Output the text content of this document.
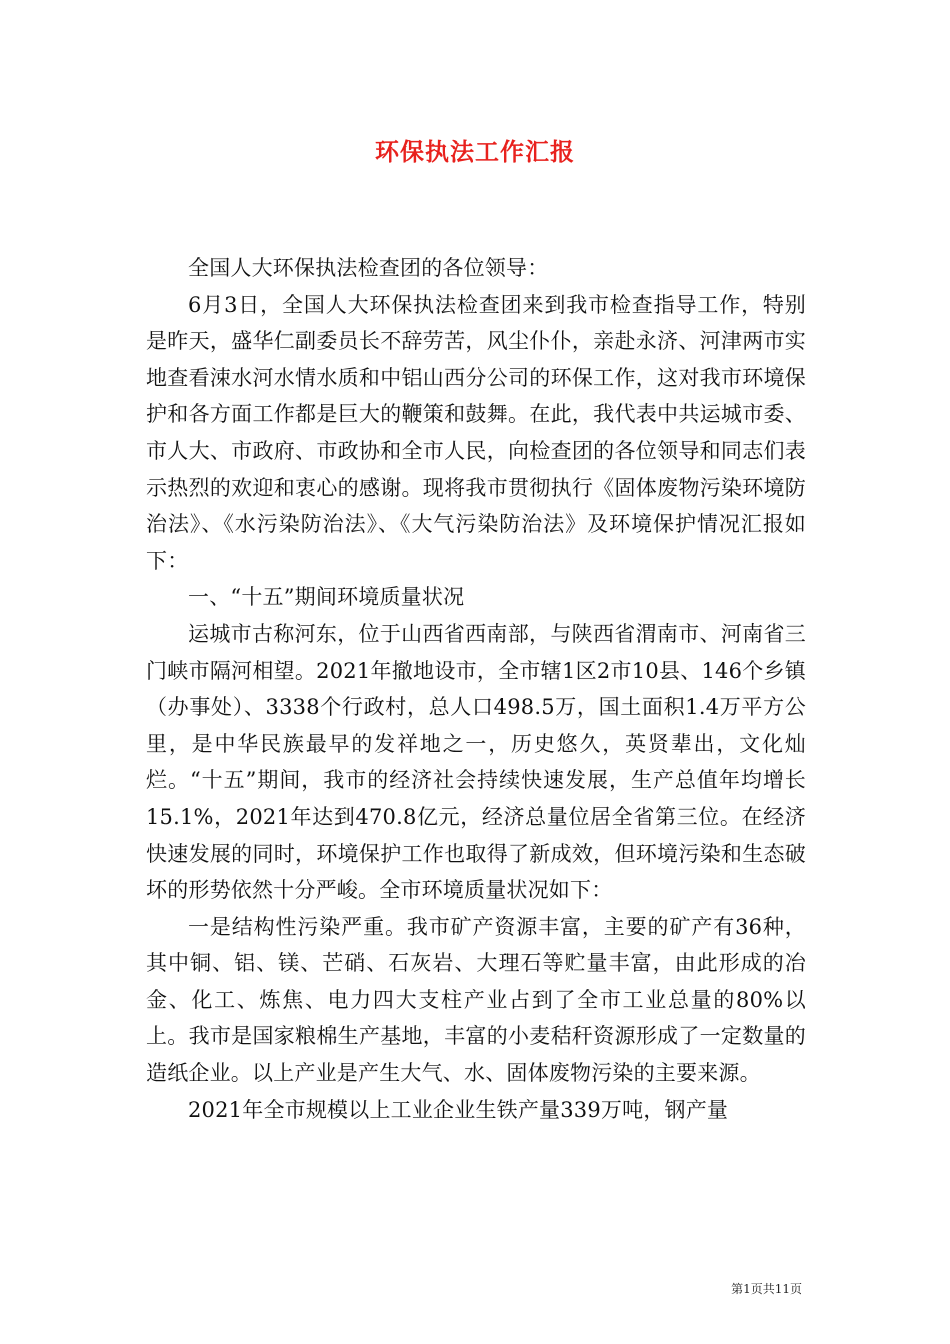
环保执法工作汇报

全国人大环保执法检查团的各位领导：

6月3日，全国人大环保执法检查团来到我市检查指导工作，特别是昨天，盛华仁副委员长不辞劳苦，风尘仆仆，亲赴永济、河津两市实地查看涑水河水情水质和中铝山西分公司的环保工作，这对我市环境保护和各方面工作都是巨大的鞭策和鼓舞。在此，我代表中共运城市委、市人大、市政府、市政协和全市人民，向检查团的各位领导和同志们表示热烈的欢迎和衷心的感谢。现将我市贯彻执行《固体废物污染环境防治法》、《水污染防治法》、《大气污染防治法》及环境保护情况汇报如下：

一、“十五”期间环境质量状况

运城市古称河东，位于山西省西南部，与陕西省渭南市、河南省三门峡市隔河相望。2021年撤地设市，全市辖1区2市10县、146个乡镇（办事处）、3338个行政村，总人口498.5万，国土面积1.4万平方公里，是中华民族最早的发祥地之一，历史悠久，英贤辈出，文化灿烂。“十五”期间，我市的经济社会持续快速发展，生产总值年均增长15.1%，2021年达到470.8亿元，经济总量位居全省第三位。在经济快速发展的同时，环境保护工作也取得了新成效，但环境污染和生态破坏的形势依然十分严峻。全市环境质量状况如下：

一是结构性污染严重。我市矿产资源丰富，主要的矿产有36种，其中铜、铝、镁、芒硝、石灰岩、大理石等贮量丰富，由此形成的冶金、化工、炼焦、电力四大支柱产业占到了全市工业总量的80%以上。我市是国家粮棉生产基地，丰富的小麦秸秆资源形成了一定数量的造纸企业。以上产业是产生大气、水、固体废物污染的主要来源。

2021年全市规模以上工业企业生铁产量339万吨，钢产量

第1页共11页
